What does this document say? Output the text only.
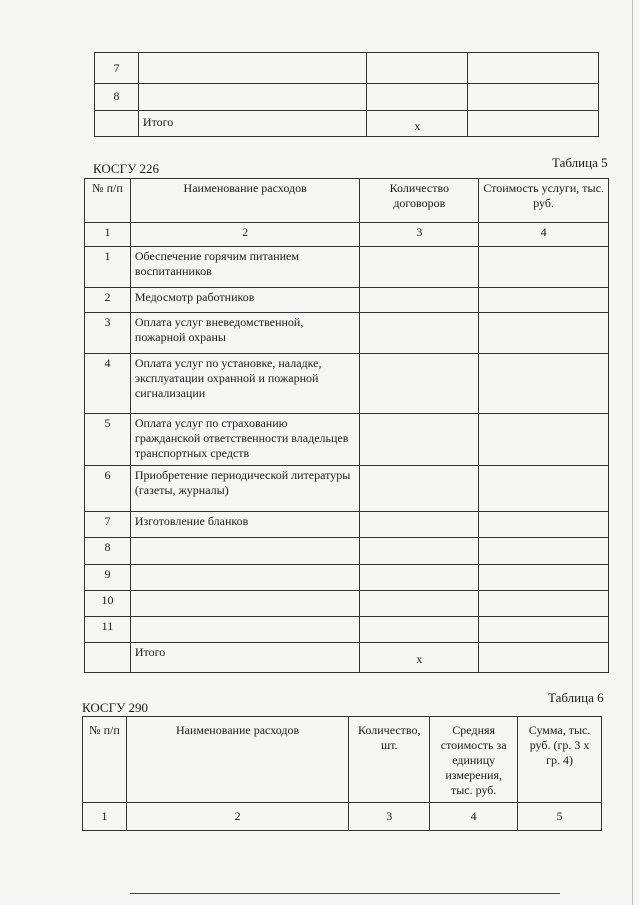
7			
8			
	Итого	х	
КОСГУ 226	Таблица 5
№ п/п	Наименование расходов	Количество договоров	Стоимость услуги, тыс. руб.
1	2	3	4
1	Обеспечение горячим питанием воспитанников		
2	Медосмотр работников		
3	Оплата услуг вневедомственной, пожарной охраны		
4	Оплата услуг по установке, наладке, эксплуатации охранной и пожарной сигнализации		
5	Оплата услуг по страхованию гражданской ответственности владельцев транспортных средств		
6	Приобретение периодической литературы (газеты, журналы)		
7	Изготовление бланков		
8			
9			
10			
11			
	Итого	х	
Таблица 6
КОСГУ 290
№ п/п	Наименование расходов	Количество, шт.	Средняя стоимость за единицу измерения, тыс. руб.	Сумма, тыс. руб. (гр. 3 х гр. 4)
1	2	3	4	5
